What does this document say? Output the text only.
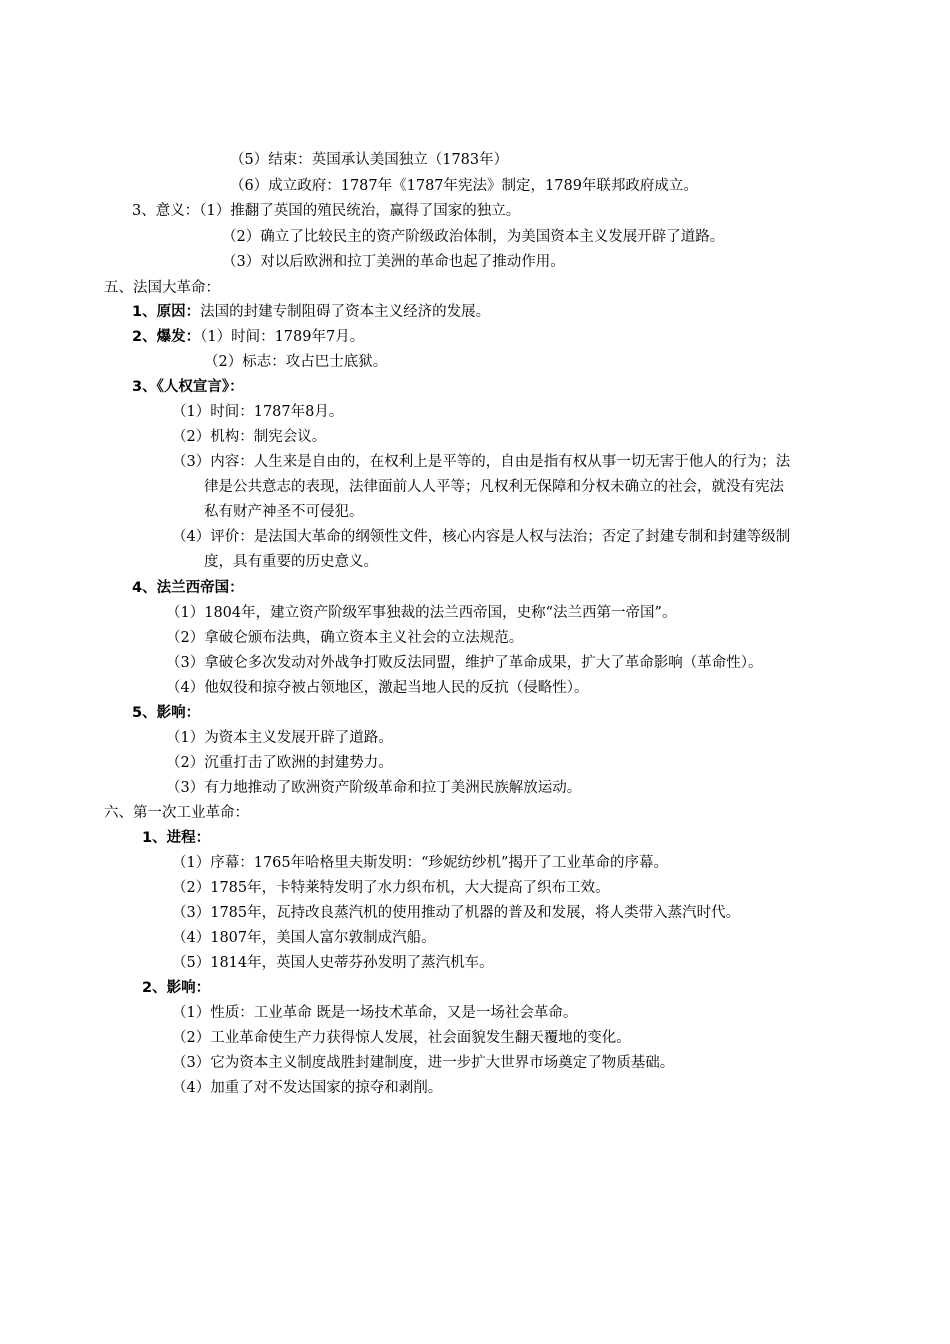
（5）结束：英国承认美国独立（1783年）
（6）成立政府：1787年《1787年宪法》制定，1789年联邦政府成立。
3、意义：（1）推翻了英国的殖民统治，赢得了国家的独立。
（2）确立了比较民主的资产阶级政治体制，为美国资本主义发展开辟了道路。
（3）对以后欧洲和拉丁美洲的革命也起了推动作用。
五、法国大革命：
1、原因：法国的封建专制阻碍了资本主义经济的发展。
2、爆发：（1）时间：1789年7月。
（2）标志：攻占巴士底狱。
3、《人权宣言》：
（1）时间：1787年8月。
（2）机构：制宪会议。
（3）内容：人生来是自由的，在权利上是平等的，自由是指有权从事一切无害于他人的行为；法
律是公共意志的表现，法律面前人人平等；凡权利无保障和分权未确立的社会，就没有宪法
私有财产神圣不可侵犯。
（4）评价：是法国大革命的纲领性文件，核心内容是人权与法治；否定了封建专制和封建等级制
度，具有重要的历史意义。
4、法兰西帝国：
（1）1804年，建立资产阶级军事独裁的法兰西帝国，史称“法兰西第一帝国”。
（2）拿破仑颁布法典，确立资本主义社会的立法规范。
（3）拿破仑多次发动对外战争打败反法同盟，维护了革命成果，扩大了革命影响（革命性）。
（4）他奴役和掠夺被占领地区，激起当地人民的反抗（侵略性）。
5、影响：
（1）为资本主义发展开辟了道路。
（2）沉重打击了欧洲的封建势力。
（3）有力地推动了欧洲资产阶级革命和拉丁美洲民族解放运动。
六、第一次工业革命：
1、进程：
（1）序幕：1765年哈格里夫斯发明：“珍妮纺纱机”揭开了工业革命的序幕。
（2）1785年，卡特莱特发明了水力织布机，大大提高了织布工效。
（3）1785年，瓦持改良蒸汽机的使用推动了机器的普及和发展，将人类带入蒸汽时代。
（4）1807年，美国人富尔敦制成汽船。
（5）1814年，英国人史蒂芬孙发明了蒸汽机车。
2、影响：
（1）性质：工业革命 既是一场技术革命，又是一场社会革命。
（2）工业革命使生产力获得惊人发展，社会面貌发生翻天覆地的变化。
（3）它为资本主义制度战胜封建制度，进一步扩大世界市场奠定了物质基础。
（4）加重了对不发达国家的掠夺和剥削。
